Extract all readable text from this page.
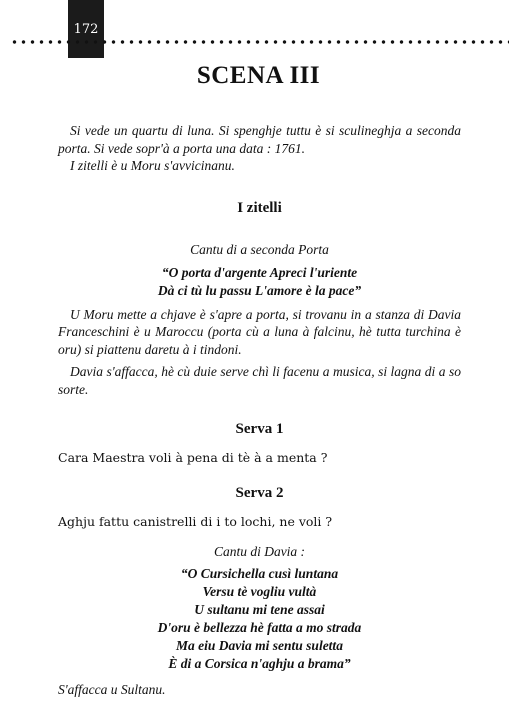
172
SCENA III

Si vede un quartu di luna. Si spenghje tuttu è si sculineghja a seconda porta. Si vede sopr'à a porta una data : 1761.

I zitelli è u Moru s'avvicinanu.

I zitelli

Cantu di a seconda Porta

“O porta d'argente Apreci l'uriente

Dà ci tù lu passu L'amore è la pace”

U Moru mette a chjave è s'apre a porta, si trovanu in a stanza di Davia Franceschini è u Maroccu (porta cù a luna à falcinu, hè tutta turchina è oru) si piattenu daretu à i tindoni.

Davia s'affacca, hè cù duie serve chì li facenu a musica, si lagna di a so sorte.

Serva 1

Cara Maestra voli à pena di tè à a menta ?

Serva 2

Aghju fattu canistrelli di i to lochi, ne voli ?

Cantu di Davia :

“O Cursichella cusì luntana

Versu tè vogliu vultà

U sultanu mi tene assai

D'oru è bellezza hè fatta a mo strada

Ma eiu Davia mi sentu suletta

È di a Corsica n'aghju a brama”

S'affacca u Sultanu.
